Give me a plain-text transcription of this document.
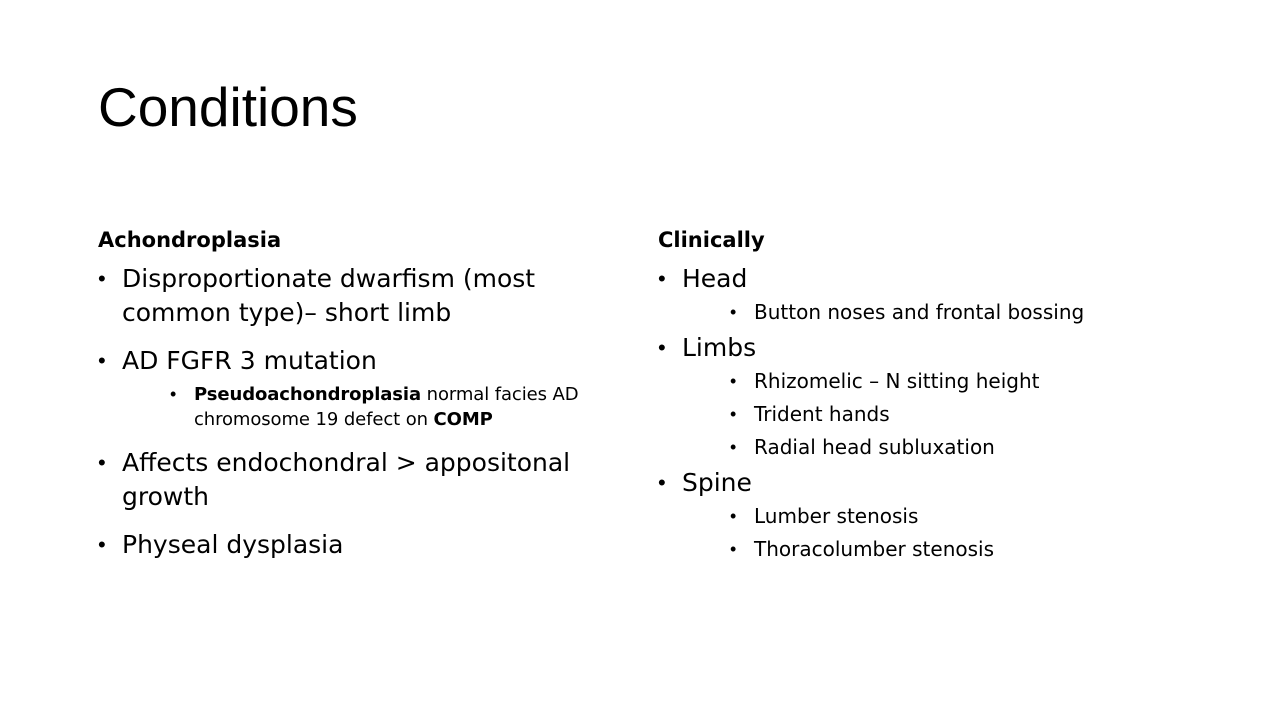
Conditions
Achondroplasia
• Disproportionate dwarfism (most common type)– short limb
• AD FGFR 3 mutation
• Pseudoachondroplasia normal facies AD chromosome 19 defect on COMP
• Affects endochondral > appositonal growth
• Physeal dysplasia
Clinically
• Head
• Button noses and frontal bossing
• Limbs
• Rhizomelic – N sitting height
• Trident hands
• Radial head subluxation
• Spine
• Lumber stenosis
• Thoracolumber stenosis
